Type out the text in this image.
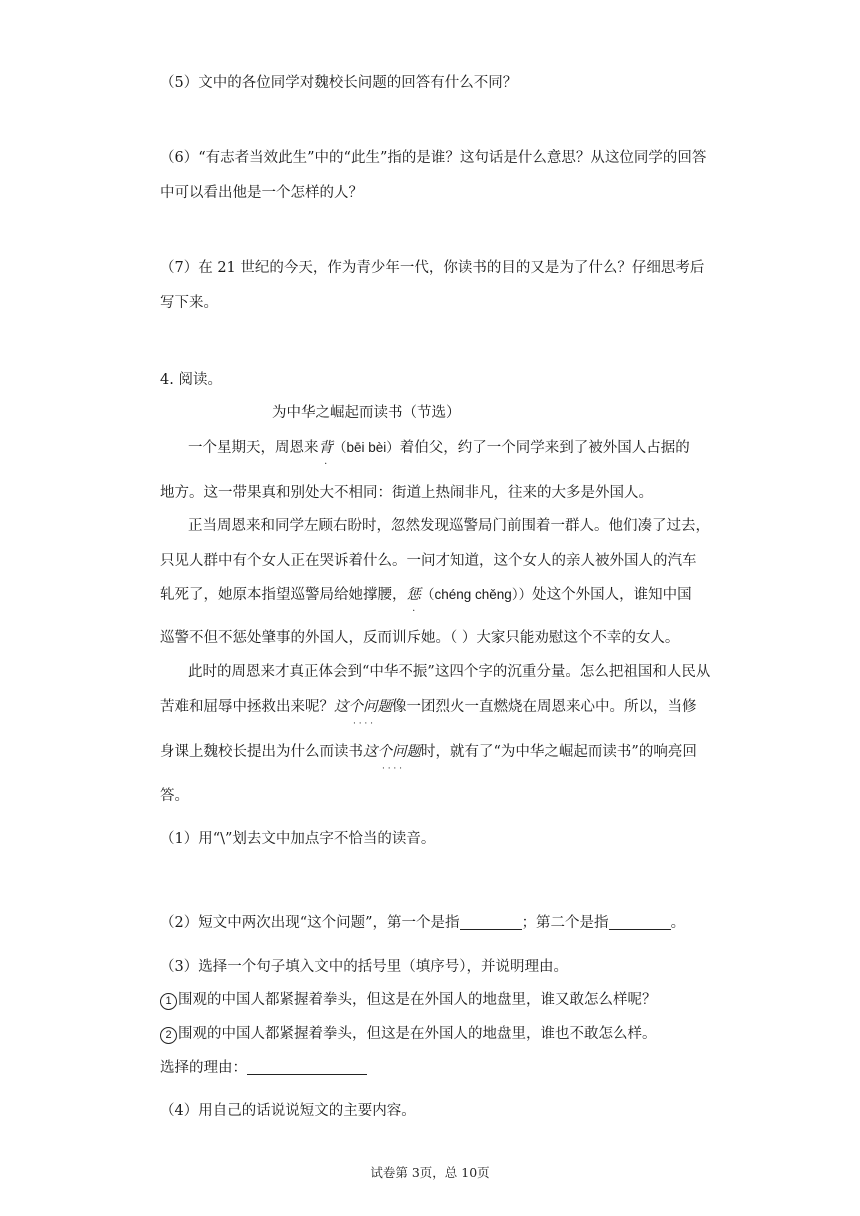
（5）文中的各位同学对魏校长问题的回答有什么不同？
（6）“有志者当效此生”中的“此生”指的是谁？这句话是什么意思？从这位同学的回答
中可以看出他是一个怎样的人？
（7）在 21 世纪的今天，作为青少年一代，你读书的目的又是为了什么？仔细思考后
写下来。
4. 阅读。
为中华之崛起而读书（节选）
一个星期天，周恩来背（bēi bèi）着伯父，约了一个同学来到了被外国人占据的
地方。这一带果真和别处大不相同：街道上热闹非凡，往来的大多是外国人。
正当周恩来和同学左顾右盼时，忽然发现巡警局门前围着一群人。他们凑了过去，
只见人群中有个女人正在哭诉着什么。一问才知道，这个女人的亲人被外国人的汽车
轧死了，她原本指望巡警局给她撑腰，惩（chéng chěng））处这个外国人，谁知中国
巡警不但不惩处肇事的外国人，反而训斥她。（ ）大家只能劝慰这个不幸的女人。
此时的周恩来才真正体会到“中华不振”这四个字的沉重分量。怎么把祖国和人民从
苦难和屈辱中拯救出来呢？这个问题 · · · ·像一团烈火一直燃烧在周恩来心中。所以，当修
身课上魏校长提出为什么而读书这个问题 · · · ·时，就有了“为中华之崛起而读书”的响亮回
答。
（1）用“\”划去文中加点字不恰当的读音。
（2）短文中两次出现“这个问题”，第一个是指	；第二个是指	。
（3）选择一个句子填入文中的括号里（填序号），并说明理由。
1 围观的中国人都紧握着拳头，但这是在外国人的地盘里，谁又敢怎么样呢？
2 围观的中国人都紧握着拳头，但这是在外国人的地盘里，谁也不敢怎么样。
选择的理由：
（4）用自己的话说说短文的主要内容。
试卷第 3页，总 10页
